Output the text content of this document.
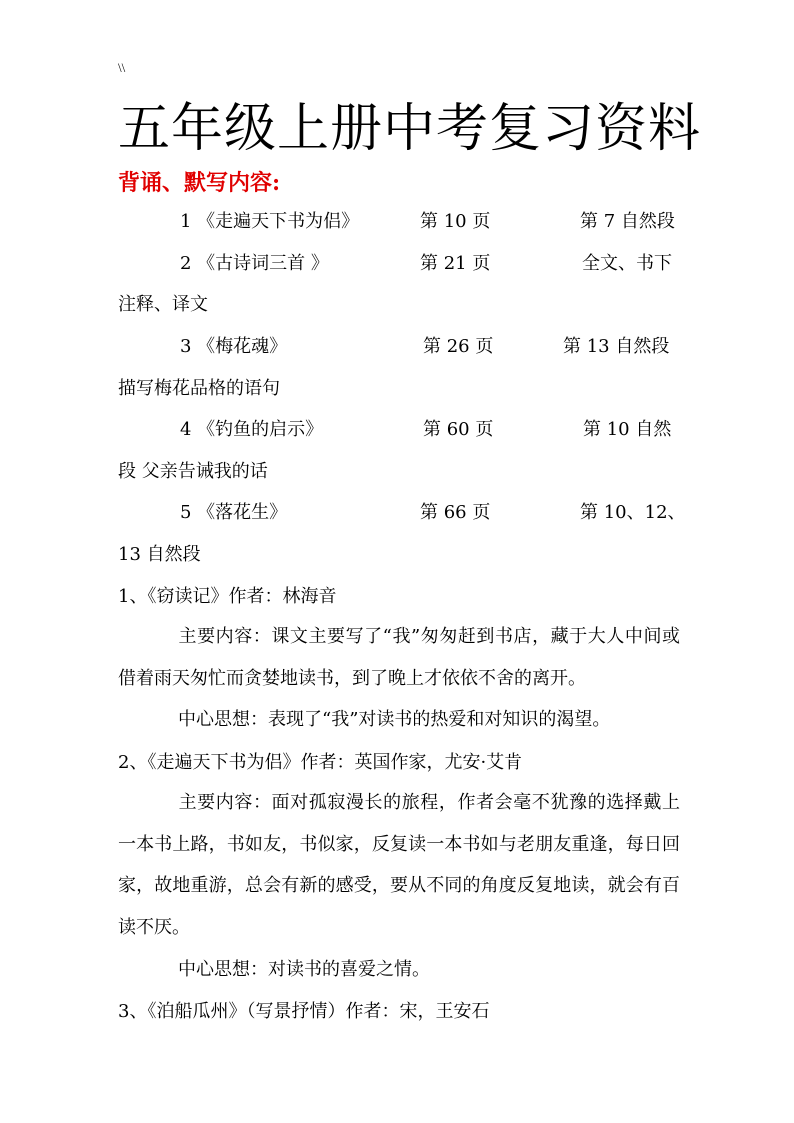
\\
五年级上册中考复习资料
背诵、默写内容:
1 《走遍天下书为侣》	第 10 页	第 7 自然段
2 《古诗词三首 》	第 21 页	全文、书下
注释、译文
3 《梅花魂》	第 26 页	第 13 自然段
描写梅花品格的语句
4 《钓鱼的启示》	第 60 页	第 10 自然
段 父亲告诫我的话
5 《落花生》	第 66 页	第 10、12、
13 自然段
1、《窃读记》作者：林海音
主要内容：课文主要写了“我”匆匆赶到书店，藏于大人中间或借着雨天匆忙而贪婪地读书，到了晚上才依依不舍的离开。
中心思想：表现了“我”对读书的热爱和对知识的渴望。
2、《走遍天下书为侣》作者：英国作家，尤安·艾肯
主要内容：面对孤寂漫长的旅程，作者会毫不犹豫的选择戴上一本书上路，书如友，书似家，反复读一本书如与老朋友重逢，每日回家，故地重游，总会有新的感受，要从不同的角度反复地读，就会有百读不厌。
中心思想：对读书的喜爱之情。
3、《泊船瓜州》（写景抒情）作者：宋，王安石
